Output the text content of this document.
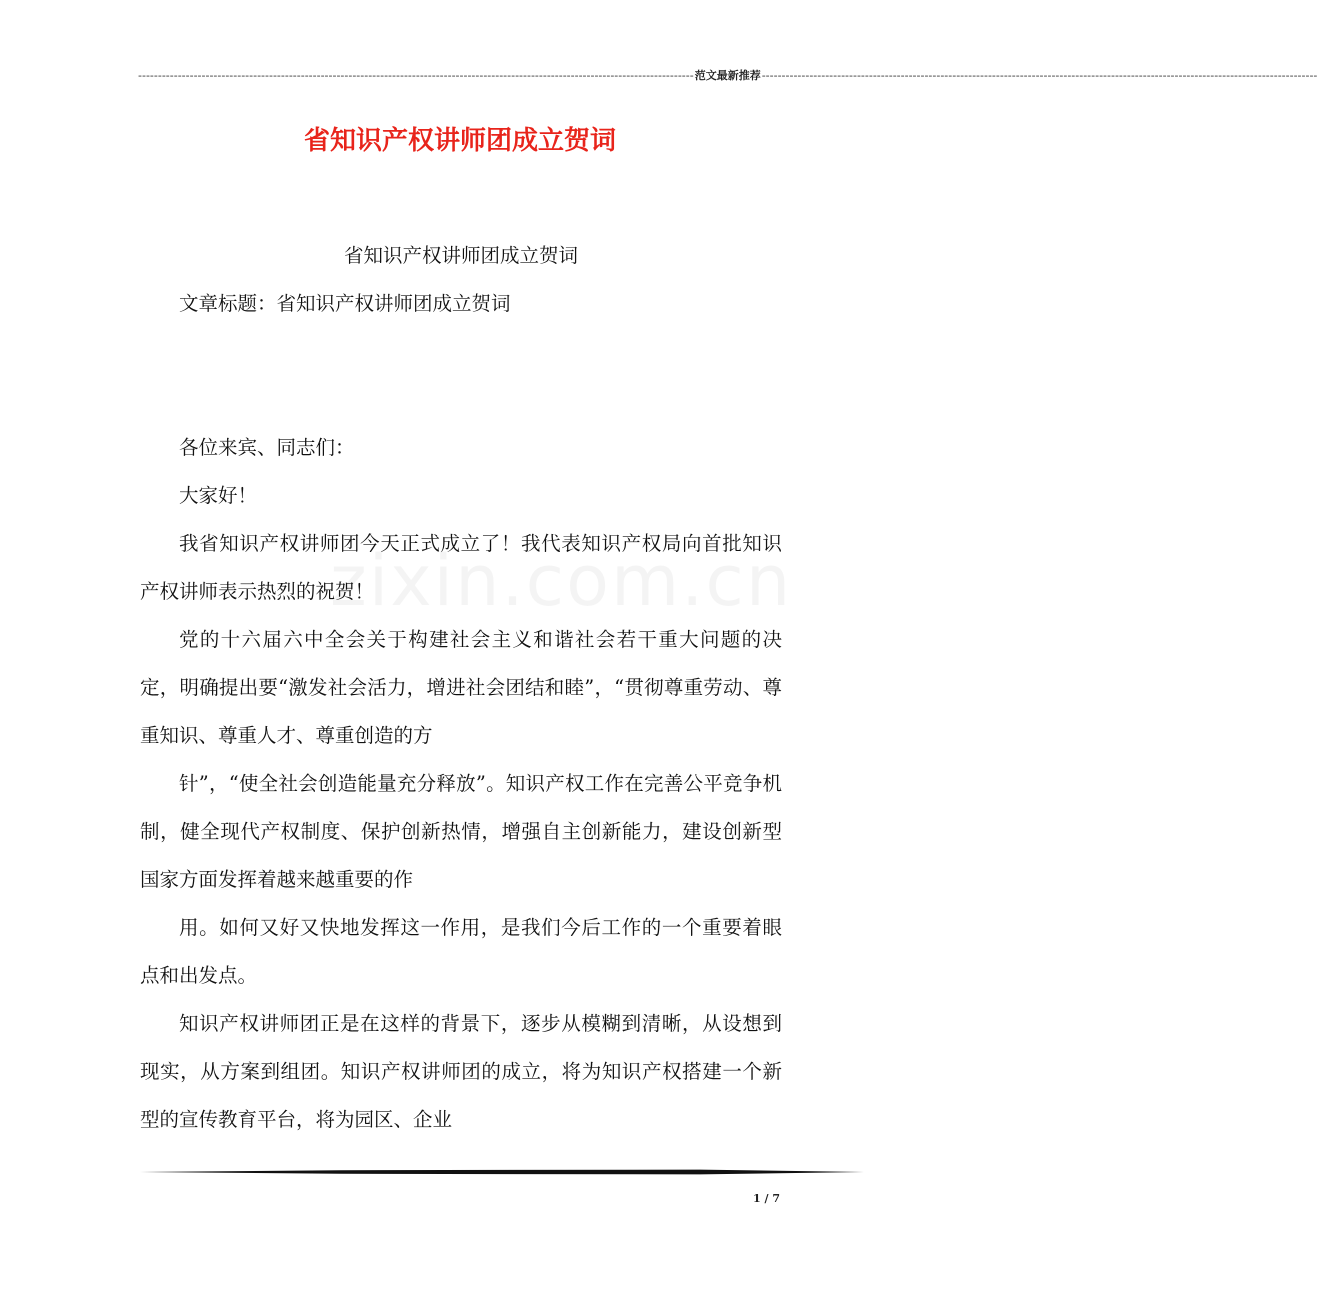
-------------------------------------------------------------------------------------------------------------------------------------------- 范文最新推荐 --------------------------------------------------------------------------------------------------------------------------------------------
省知识产权讲师团成立贺词

省知识产权讲师团成立贺词

文章标题：省知识产权讲师团成立贺词

各位来宾、同志们：

大家好！

我省知识产权讲师团今天正式成立了！我代表知识产权局向首批知识产权讲师表示热烈的祝贺！

党的十六届六中全会关于构建社会主义和谐社会若干重大问题的决定，明确提出要“激发社会活力，增进社会团结和睦”，“贯彻尊重劳动、尊重知识、尊重人才、尊重创造的方

针”，“使全社会创造能量充分释放”。知识产权工作在完善公平竞争机制，健全现代产权制度、保护创新热情，增强自主创新能力，建设创新型国家方面发挥着越来越重要的作

用。如何又好又快地发挥这一作用，是我们今后工作的一个重要着眼点和出发点。

知识产权讲师团正是在这样的背景下，逐步从模糊到清晰，从设想到现实，从方案到组团。知识产权讲师团的成立，将为知识产权搭建一个新型的宣传教育平台，将为园区、企业

1 / 7
